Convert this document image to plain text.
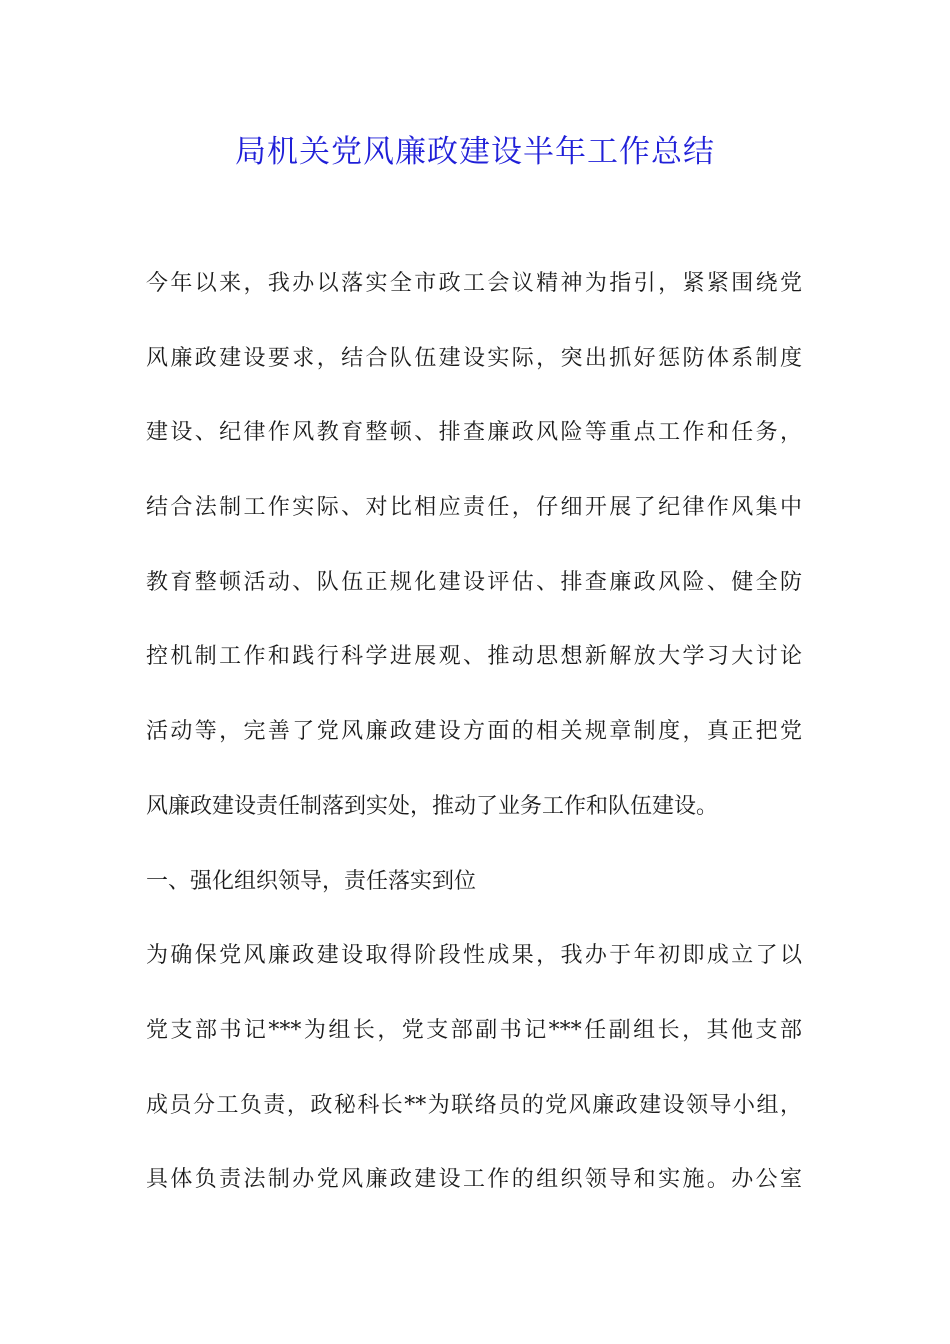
局机关党风廉政建设半年工作总结
今年以来，我办以落实全市政工会议精神为指引，紧紧围绕党
风廉政建设要求，结合队伍建设实际，突出抓好惩防体系制度
建设、纪律作风教育整顿、排查廉政风险等重点工作和任务，
结合法制工作实际、对比相应责任，仔细开展了纪律作风集中
教育整顿活动、队伍正规化建设评估、排查廉政风险、健全防
控机制工作和践行科学进展观、推动思想新解放大学习大讨论
活动等，完善了党风廉政建设方面的相关规章制度，真正把党
风廉政建设责任制落到实处，推动了业务工作和队伍建设。
一、强化组织领导，责任落实到位
为确保党风廉政建设取得阶段性成果，我办于年初即成立了以
党支部书记***为组长，党支部副书记***任副组长，其他支部
成员分工负责，政秘科长**为联络员的党风廉政建设领导小组，
具体负责法制办党风廉政建设工作的组织领导和实施。办公室
